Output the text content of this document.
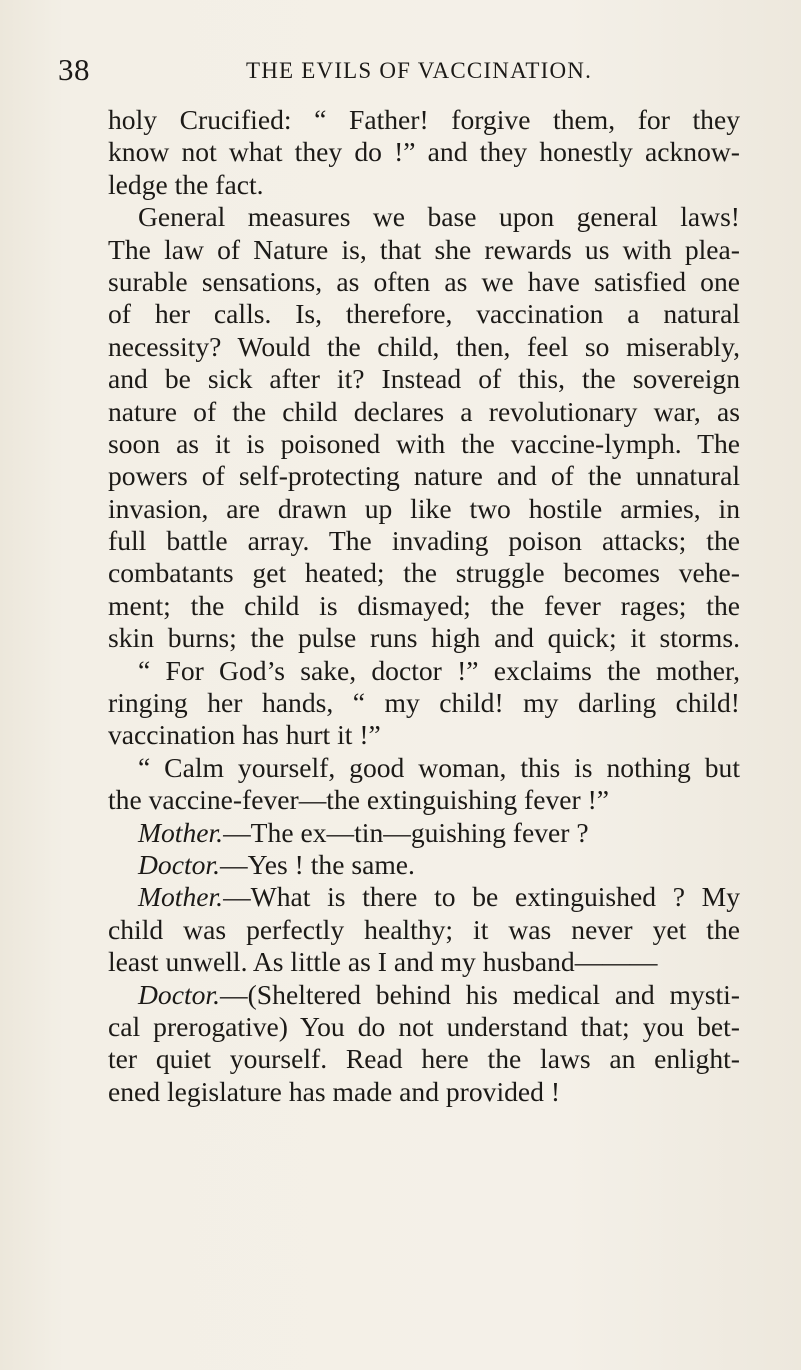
38	THE EVILS OF VACCINATION.
holy Crucified: “ Father! forgive them, for they
know not what they do !” and they honestly acknow-
ledge the fact.
General measures we base upon general laws!
The law of Nature is, that she rewards us with plea-
surable sensations, as often as we have satisfied one
of her calls. Is, therefore, vaccination a natural
necessity? Would the child, then, feel so miserably,
and be sick after it? Instead of this, the sovereign
nature of the child declares a revolutionary war, as
soon as it is poisoned with the vaccine-lymph. The
powers of self-protecting nature and of the unnatural
invasion, are drawn up like two hostile armies, in
full battle array. The invading poison attacks; the
combatants get heated; the struggle becomes vehe-
ment; the child is dismayed; the fever rages; the
skin burns; the pulse runs high and quick; it storms.
“ For God’s sake, doctor !” exclaims the mother,
ringing her hands, “ my child! my darling child!
vaccination has hurt it !”
“ Calm yourself, good woman, this is nothing but
the vaccine-fever—the extinguishing fever !”
Mother.—The ex—tin—guishing fever ?
Doctor.—Yes ! the same.
Mother.—What is there to be extinguished ? My
child was perfectly healthy; it was never yet the
least unwell. As little as I and my husband———
Doctor.—(Sheltered behind his medical and mysti-
cal prerogative) You do not understand that; you bet-
ter quiet yourself. Read here the laws an enlight-
ened legislature has made and provided !
